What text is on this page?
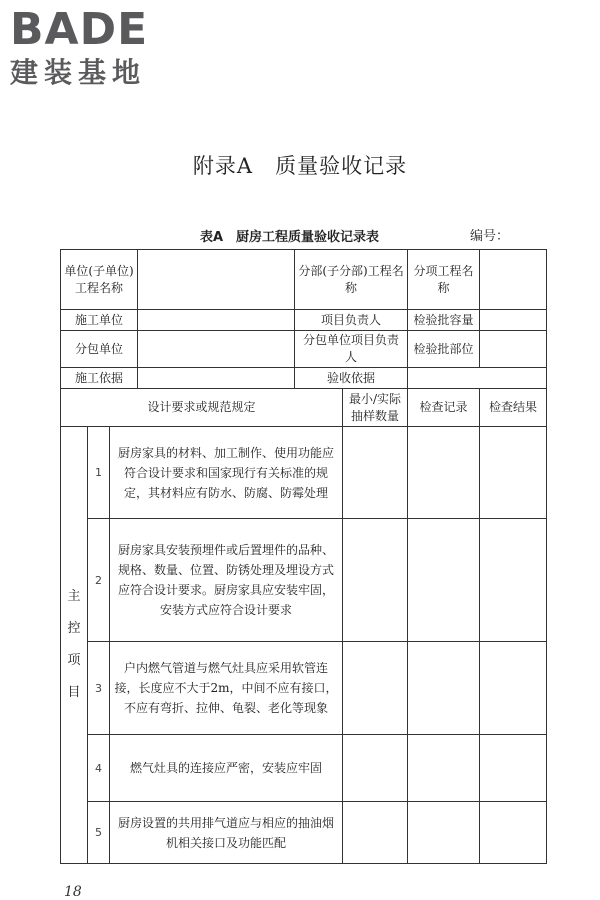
BADE
建装基地
附录A　质量验收记录
表A　厨房工程质量验收记录表	编号：
单位(子单位)工程名称				分部(子分部)工程名称		分项工程名称	
施工单位				项目负责人		检验批容量	
分包单位				分包单位项目负责人		检验批部位	
施工依据				验收依据			
设计要求或规范规定					最小/实际抽样数量	检查记录	检查结果

主
控
项
目	1	厨房家具的材料、加工制作、使用功能应符合设计要求和国家现行有关标准的规定，其材料应有防水、防腐、防霉处理					
	2	厨房家具安装预埋件或后置埋件的品种、规格、数量、位置、防锈处理及埋设方式应符合设计要求。厨房家具应安装牢固，安装方式应符合设计要求					
	3	户内燃气管道与燃气灶具应采用软管连接，长度应不大于2m，中间不应有接口，不应有弯折、拉伸、龟裂、老化等现象					
	4	燃气灶具的连接应严密，安装应牢固					
	5	厨房设置的共用排气道应与相应的抽油烟机相关接口及功能匹配					
18
